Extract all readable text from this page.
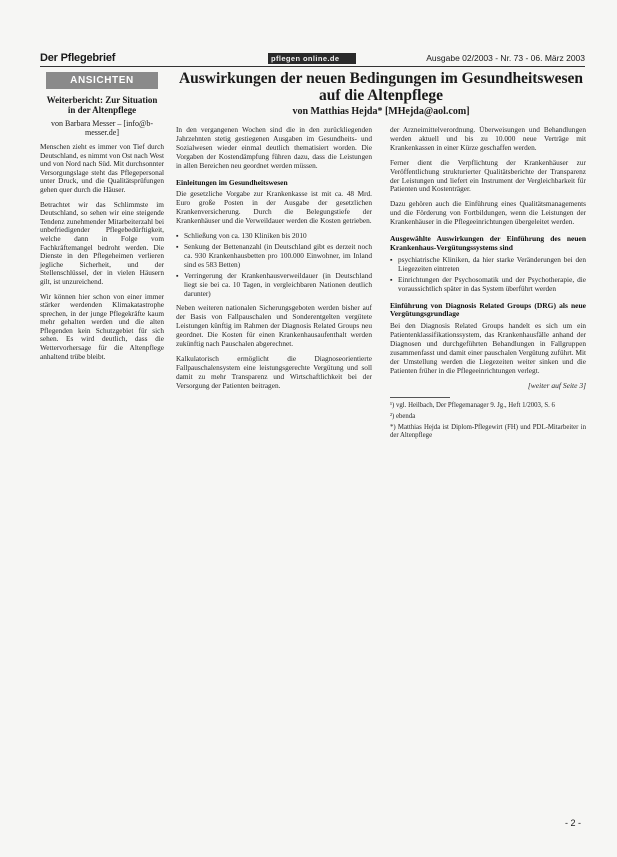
Der Pflegebrief	pflegen online.de	Ausgabe 02/2003 - Nr. 73 - 06. März 2003
ANSICHTEN
Weiterbericht: Zur Situation in der Altenpflege
von Barbara Messer – [info@b-messer.de]

Menschen zieht es immer von Tief durch Deutschland, es nimmt von Ost nach West und von Nord nach Süd. Mit durchsonnter Versorgungslage steht das Pflegepersonal unter Druck, und die Qualitätsprüfungen gehen quer durch die Häuser.

Betrachtet wir das Schlimmste im Deutschland, so sehen wir eine steigende Tendenz zunehmender Mitarbeiterzahl bei unbefriedigender Pflegebedürftigkeit, welche dann in Folge vom Fachkräftemangel bedroht werden. Die Dienste in den Pflegeheimen verlieren jegliche Sicherheit, und der Stellenschlüssel, der in vielen Häusern gilt, ist unzureichend.

Wir können hier schon von einer immer stärker werdenden Klimakatastrophe sprechen, in der junge Pflegekräfte kaum mehr gehalten werden und die alten Pflegenden kein Schutzgebiet für sich sehen. Es wird deutlich, dass die Wettervorhersage für die Altenpflege anhaltend trübe bleibt.

Auswirkungen der neuen Bedingungen im Gesundheitswesen auf die Altenpflege
von Matthias Hejda* [MHejda@aol.com]

In den vergangenen Wochen sind die in den zurückliegenden Jahrzehnten stetig gestiegenen Ausgaben im Gesundheits- und Sozialwesen wieder einmal deutlich thematisiert worden. Die Vorgaben der Kostendämpfung führen dazu, dass die Leistungen in allen Bereichen neu geordnet werden müssen.

Einleitungen im Gesundheitswesen

Die gesetzliche Vorgabe zur Krankenkasse ist mit ca. 48 Mrd. Euro große Posten in der Ausgabe der gesetzlichen Krankenversicherung. Durch die Belegungstiefe der Krankenhäuser und die Verweildauer werden die Kosten getrieben.

▪ Schließung von ca. 130 Kliniken bis 2010
▪ Senkung der Bettenanzahl (in Deutschland gibt es derzeit noch ca. 930 Krankenhausbetten pro 100.000 Einwohner, im Inland sind es 583 Betten)
▪ Verringerung der Krankenhausverweildauer (in Deutschland liegt sie bei ca. 10 Tagen, in vergleichbaren Nationen deutlich darunter)

Neben weiteren nationalen Sicherungsgeboten werden bisher auf der Basis von Fallpauschalen und Sonderentgelten vergütete Leistungen künftig im Rahmen der Diagnosis Related Groups neu geordnet. Die Kosten für einen Krankenhausaufenthalt werden zukünftig nach Pauschalen abgerechnet.

Kalkulatorisch ermöglicht die Diagnoseorientierte Fallpauschalensystem eine leistungsgerechte Vergütung und soll damit zu mehr Transparenz und Wirtschaftlichkeit bei der Versorgung der Patienten beitragen.

der Arzneimittelverordnung. Überweisungen und Behandlungen werden aktuell und bis zu 10.000 neue Verträge mit Krankenkassen in einer Kürze geschaffen werden.

Ferner dient die Verpflichtung der Krankenhäuser zur Veröffentlichung strukturierter Qualitätsberichte der Transparenz der Leistungen und liefert ein Instrument der Vergleichbarkeit für Patienten und Kostenträger.

Dazu gehören auch die Einführung eines Qualitätsmanagements und die Förderung von Fortbildungen, wenn die Leistungen der Krankenhäuser in die Pflegeeinrichtungen übergeleitet werden.

Ausgewählte Auswirkungen der Einführung des neuen Krankenhaus-Vergütungssystems sind
▪ psychiatrische Kliniken, da hier starke Veränderungen bei den Liegezeiten eintreten
▪ Einrichtungen der Psychosomatik und der Psychotherapie, die voraussichtlich später in das System überführt werden
Einführung von Diagnosis Related Groups (DRG) als neue Vergütungsgrundlage

Bei den Diagnosis Related Groups handelt es sich um ein Patientenklassifikationssystem, das Krankenhausfälle anhand der Diagnosen und durchgeführten Behandlungen in Fallgruppen zusammenfasst und damit einer pauschalen Vergütung zuführt. Mit der Umstellung werden die Liegezeiten weiter sinken und die Patienten früher in die Pflegeeinrichtungen verlegt.

[weiter auf Seite 3]

¹) vgl. Heilbach, Der Pflegemanager 9. Jg., Heft 1/2003, S. 6

²) ebenda

*) Matthias Hejda ist Diplom-Pflegewirt (FH) und PDL-Mitarbeiter in der Altenpflege

- 2 -
